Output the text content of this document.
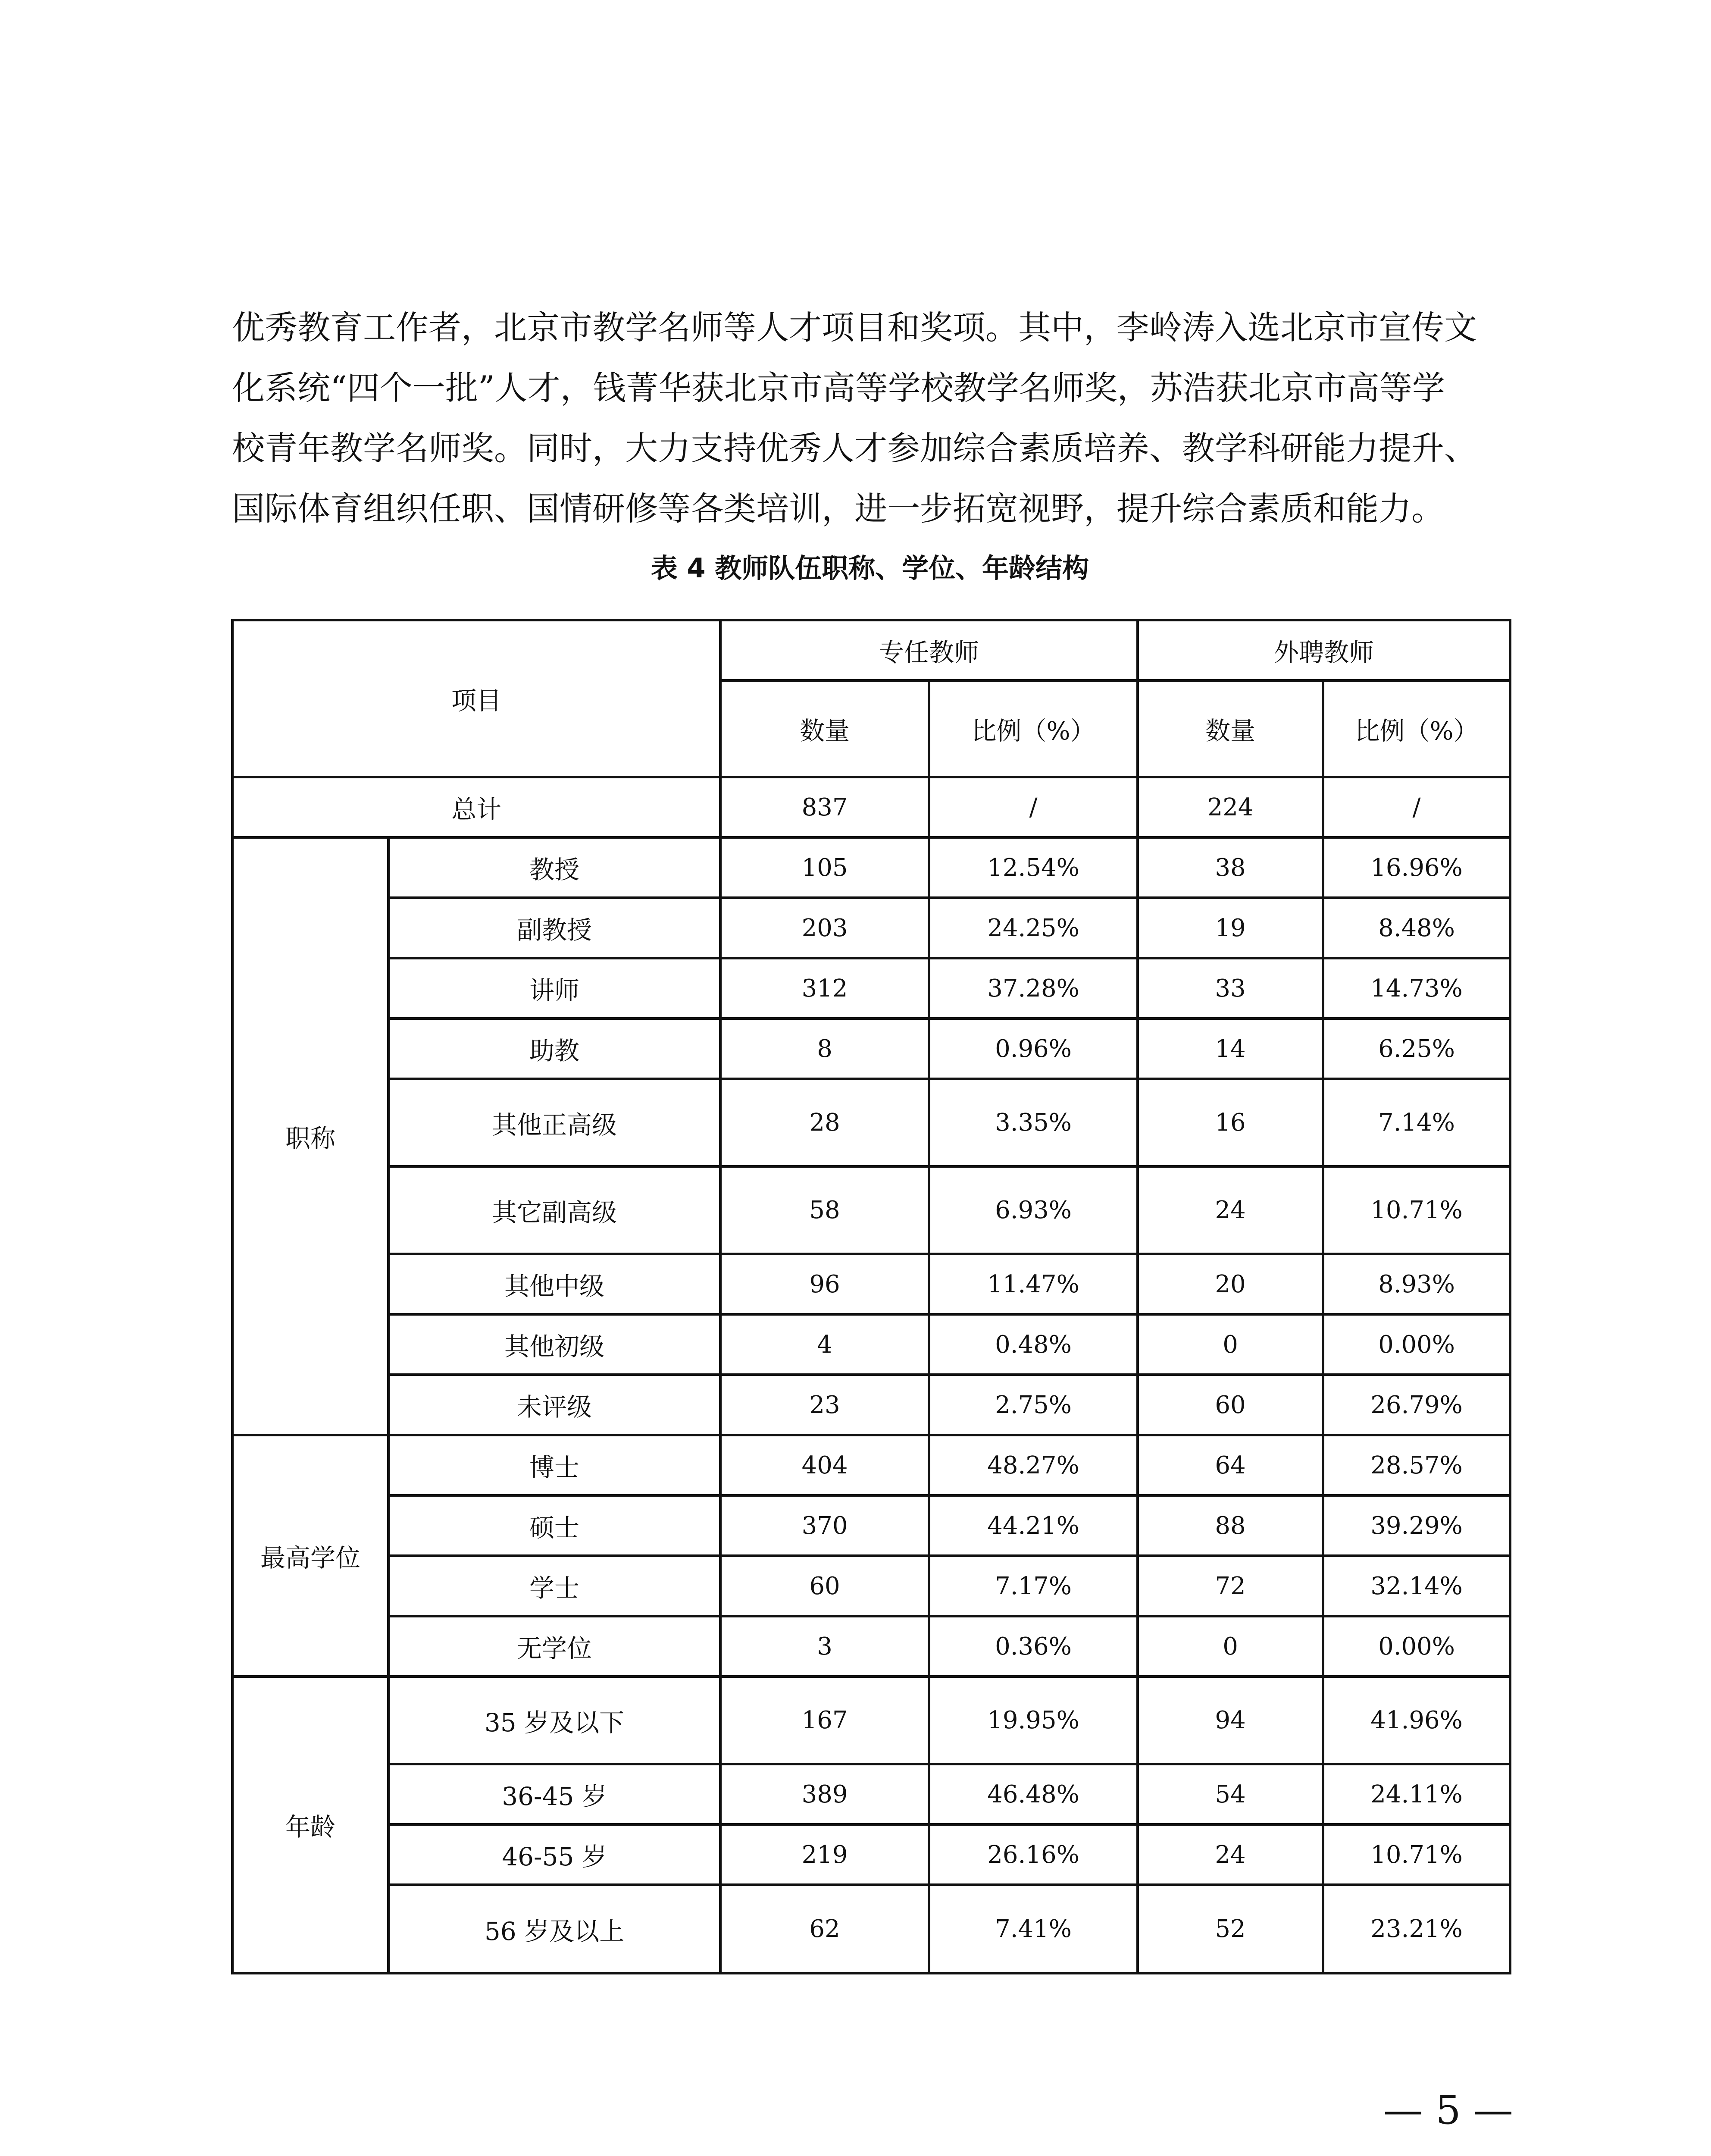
优秀教育工作者，北京市教学名师等人才项目和奖项。其中，李岭涛入选北京市宣传文

化系统“四个一批”人才，钱菁华获北京市高等学校教学名师奖，苏浩获北京市高等学

校青年教学名师奖。同时，大力支持优秀人才参加综合素质培养、教学科研能力提升、

国际体育组织任职、国情研修等各类培训，进一步拓宽视野，提升综合素质和能力。

表 4 教师队伍职称、学位、年龄结构
项目		专任教师		外聘教师	
		数量	比例（%）	数量	比例（%）
总计		837	/	224	/
职称	教授	105	12.54%	38	16.96%
	副教授	203	24.25%	19	8.48%
	讲师	312	37.28%	33	14.73%
	助教	8	0.96%	14	6.25%
	其他正高级	28	3.35%	16	7.14%
	其它副高级	58	6.93%	24	10.71%
	其他中级	96	11.47%	20	8.93%
	其他初级	4	0.48%	0	0.00%
	未评级	23	2.75%	60	26.79%
最高学位	博士	404	48.27%	64	28.57%
	硕士	370	44.21%	88	39.29%
	学士	60	7.17%	72	32.14%
	无学位	3	0.36%	0	0.00%
年龄	35 岁及以下	167	19.95%	94	41.96%
	36-45 岁	389	46.48%	54	24.11%
	46-55 岁	219	26.16%	24	10.71%
	56 岁及以上	62	7.41%	52	23.21%
— 5 —
